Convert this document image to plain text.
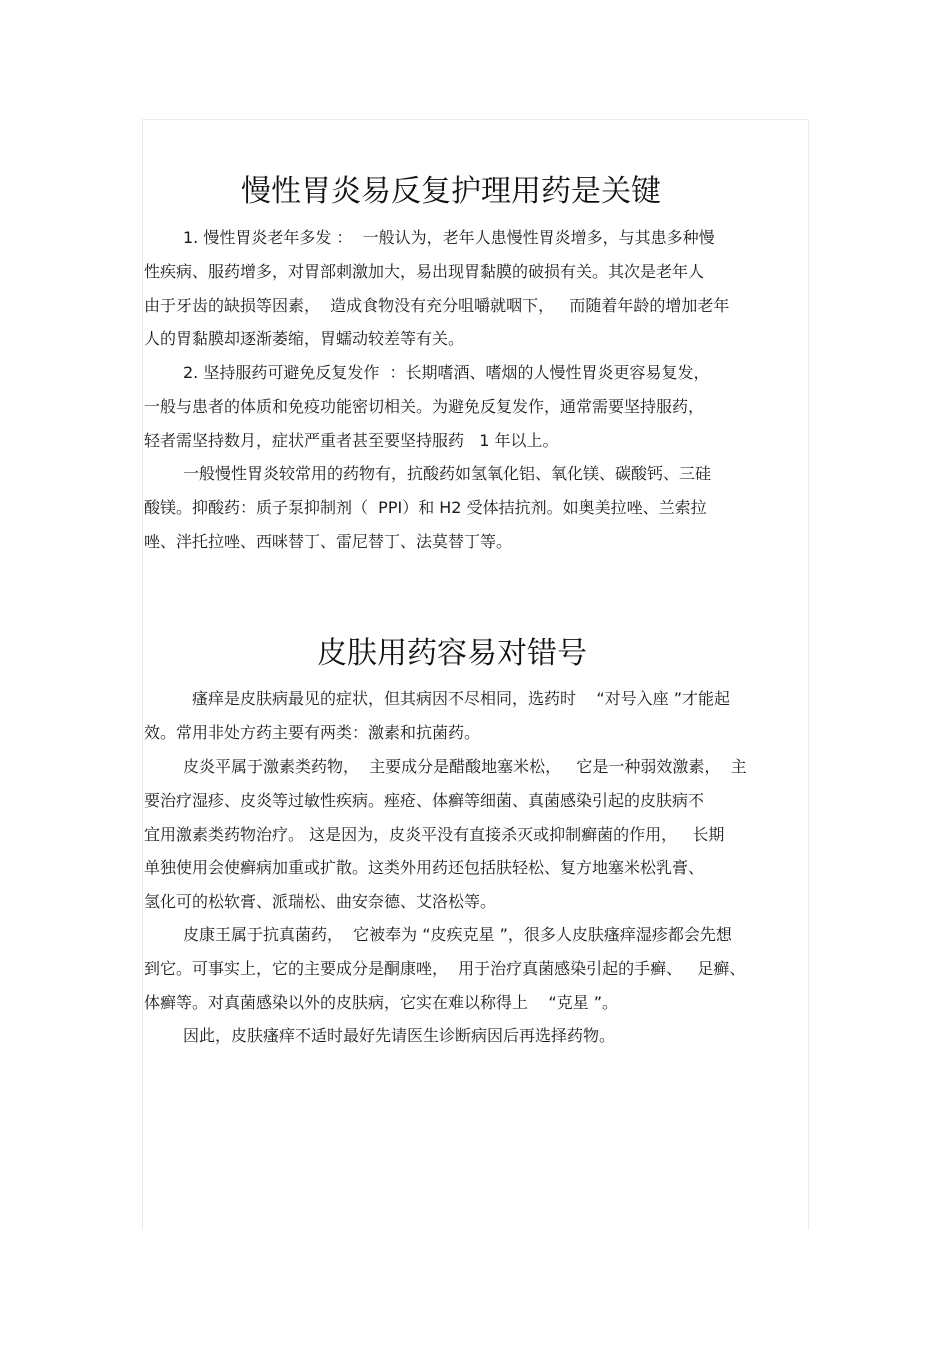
慢性胃炎易反复护理用药是关键
1. 慢性胃炎老年多发 ：  一般认为，老年人患慢性胃炎增多，与其患多种慢
性疾病、服药增多，对胃部刺激加大，易出现胃黏膜的破损有关。其次是老年人
由于牙齿的缺损等因素，  造成食物没有充分咀嚼就咽下，   而随着年龄的增加老年
人的胃黏膜却逐渐萎缩，胃蠕动较差等有关。
2. 坚持服药可避免反复发作  ：长期嗜酒、嗜烟的人慢性胃炎更容易复发，
一般与患者的体质和免疫功能密切相关。为避免反复发作，通常需要坚持服药，
轻者需坚持数月，症状严重者甚至要坚持服药   1 年以上。
一般慢性胃炎较常用的药物有，抗酸药如氢氧化铝、氧化镁、碳酸钙、三硅
酸镁。抑酸药：质子泵抑制剂（  PPI）和 H2 受体拮抗剂。如奥美拉唑、兰索拉
唑、泮托拉唑、西咪替丁、雷尼替丁、法莫替丁等。
皮肤用药容易对错号
瘙痒是皮肤病最见的症状，但其病因不尽相同，选药时    “对号入座 ”才能起
效。常用非处方药主要有两类：激素和抗菌药。
皮炎平属于激素类药物，  主要成分是醋酸地塞米松，   它是一种弱效激素，  主
要治疗湿疹、皮炎等过敏性疾病。痤疮、体癣等细菌、真菌感染引起的皮肤病不
宜用激素类药物治疗。 这是因为，皮炎平没有直接杀灭或抑制癣菌的作用，   长期
单独使用会使癣病加重或扩散。这类外用药还包括肤轻松、复方地塞米松乳膏、
氢化可的松软膏、派瑞松、曲安奈德、艾洛松等。
皮康王属于抗真菌药，  它被奉为 “皮疾克星 ”，很多人皮肤瘙痒湿疹都会先想
到它。可事实上，它的主要成分是酮康唑，  用于治疗真菌感染引起的手癣、   足癣、
体癣等。对真菌感染以外的皮肤病，它实在难以称得上    “克星 ”。
因此，皮肤瘙痒不适时最好先请医生诊断病因后再选择药物。
